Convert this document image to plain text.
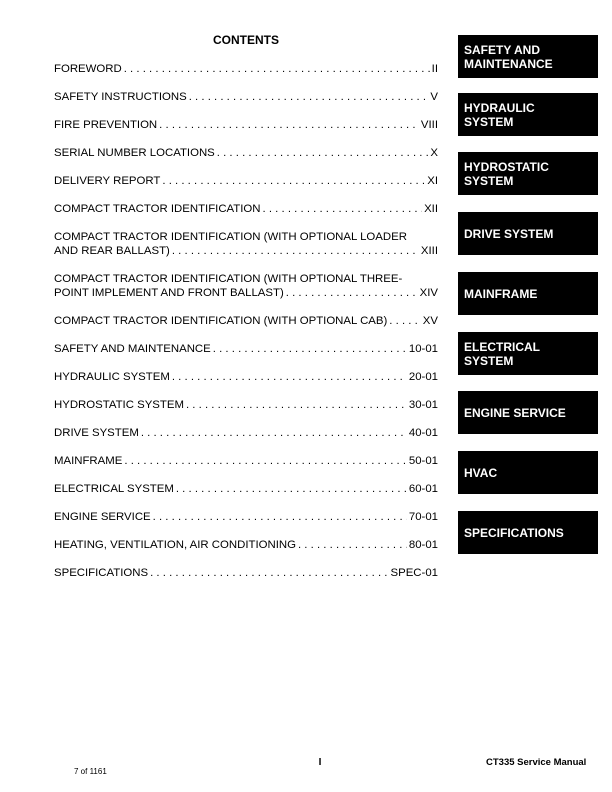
CONTENTS
FOREWORD . . .	II
SAFETY INSTRUCTIONS . . .	V
FIRE PREVENTION . . .	VIII
SERIAL NUMBER LOCATIONS . . .	X
DELIVERY REPORT . . .	XI
COMPACT TRACTOR IDENTIFICATION . . .	XII
COMPACT TRACTOR IDENTIFICATION (WITH OPTIONAL LOADER
AND REAR BALLAST) . . .	XIII
COMPACT TRACTOR IDENTIFICATION (WITH OPTIONAL THREE-
POINT IMPLEMENT AND FRONT BALLAST) . . .	XIV
COMPACT TRACTOR IDENTIFICATION (WITH OPTIONAL CAB) . . .	XV
SAFETY AND MAINTENANCE . . .	10-01
HYDRAULIC SYSTEM . . .	20-01
HYDROSTATIC SYSTEM . . .	30-01
DRIVE SYSTEM . . .	40-01
MAINFRAME . . .	50-01
ELECTRICAL SYSTEM . . .	60-01
ENGINE SERVICE . . .	70-01
HEATING, VENTILATION, AIR CONDITIONING . . .	80-01
SPECIFICATIONS . . .	SPEC-01
SAFETY AND
MAINTENANCE
HYDRAULIC
SYSTEM
HYDROSTATIC
SYSTEM
DRIVE SYSTEM
MAINFRAME
ELECTRICAL
SYSTEM
ENGINE SERVICE
HVAC
SPECIFICATIONS
I	CT335 Service Manual
7 of 1161
